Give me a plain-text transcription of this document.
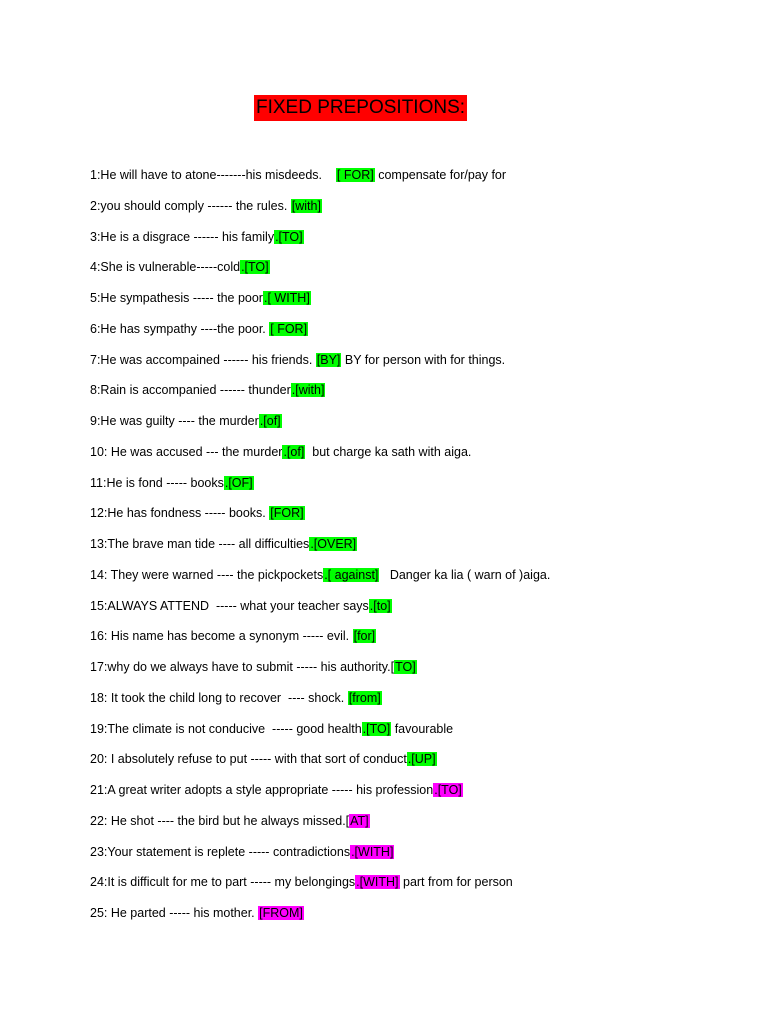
FIXED PREPOSITIONS:
1:He will have to atone-------his misdeeds.    [ FOR] compensate for/pay for
2:you should comply ------ the rules. [with]
3:He is a disgrace ------ his family.[TO]
4:She is vulnerable-----cold.[TO]
5:He sympathesis ----- the poor.[ WITH]
6:He has sympathy ----the poor. [ FOR]
7:He was accompained ------ his friends. [BY] BY for person with for things.
8:Rain is accompanied ------ thunder.[with]
9:He was guilty ---- the murder.[of]
10: He was accused --- the murder.[of]  but charge ka sath with aiga.
11:He is fond ----- books.[OF]
12:He has fondness ----- books. [FOR]
13:The brave man tide ---- all difficulties.[OVER]
14: They were warned ---- the pickpockets.[ against]   Danger ka lia ( warn of )aiga.
15:ALWAYS ATTEND  ----- what your teacher says.[to]
16: His name has become a synonym ----- evil. [for]
17:why do we always have to submit ----- his authority.[TO]
18: It took the child long to recover  ---- shock. [from]
19:The climate is not conducive  ----- good health.[TO] favourable
20: I absolutely refuse to put ----- with that sort of conduct.[UP]
21:A great writer adopts a style appropriate ----- his profession.[TO]
22: He shot ---- the bird but he always missed.[AT]
23:Your statement is replete ----- contradictions.[WITH]
24:It is difficult for me to part ----- my belongings.[WITH] part from for person
25: He parted ----- his mother. [FROM]
